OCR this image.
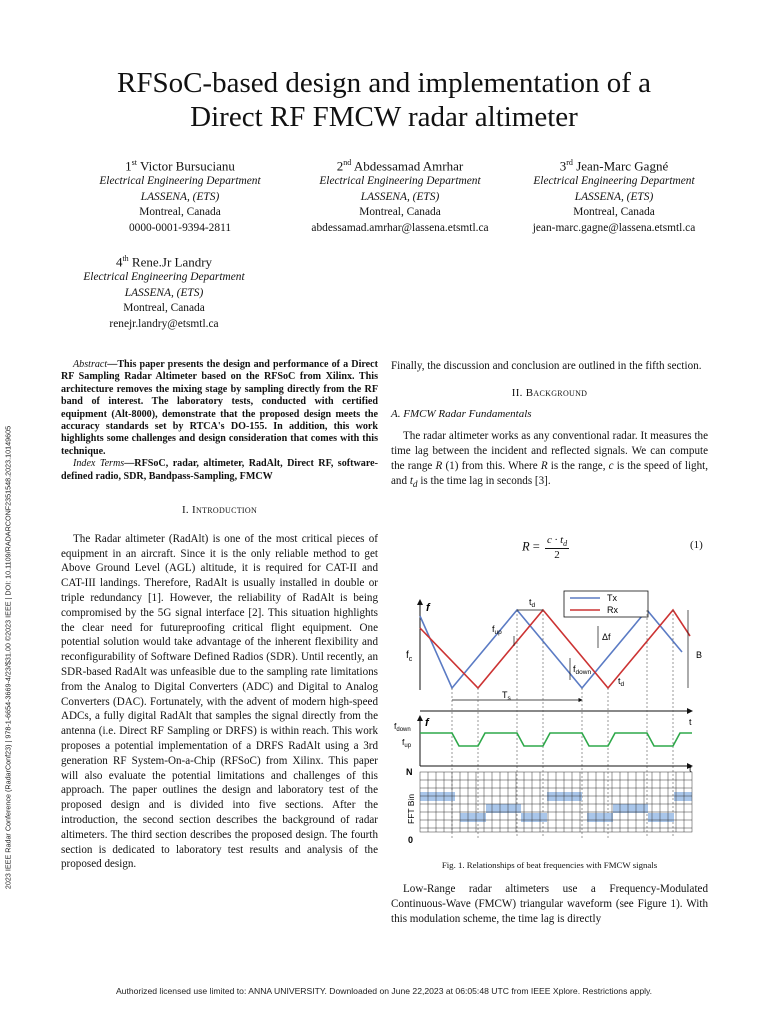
RFSoC-based design and implementation of a
Direct RF FMCW radar altimeter
1st Victor Bursucianu
Electrical Engineering Department
LASSENA, (ETS)
Montreal, Canada
0000-0001-9394-2811
2nd Abdessamad Amrhar
Electrical Engineering Department
LASSENA, (ETS)
Montreal, Canada
abdessamad.amrhar@lassena.etsmtl.ca
3rd Jean-Marc Gagné
Electrical Engineering Department
LASSENA, (ETS)
Montreal, Canada
jean-marc.gagne@lassena.etsmtl.ca
4th Rene.Jr Landry
Electrical Engineering Department
LASSENA, (ETS)
Montreal, Canada
renejr.landry@etsmtl.ca
2023 IEEE Radar Conference (RadarConf23) | 978-1-6654-3669-4/23/$31.00 ©2023 IEEE | DOI: 10.1109/RADARCONF2351548.2023.10149605

Abstract—This paper presents the design and performance of a Direct RF Sampling Radar Altimeter based on the RFSoC from Xilinx. This architecture removes the mixing stage by sampling directly from the RF band of interest. The laboratory tests, conducted with certified equipment (Alt-8000), demonstrate that the proposed design meets the accuracy standards set by RTCA's DO-155. In addition, this work highlights some challenges and design consideration that comes with this technique.

Index Terms—RFSoC, radar, altimeter, RadAlt, Direct RF, software-defined radio, SDR, Bandpass-Sampling, FMCW

I. Introduction

The Radar altimeter (RadAlt) is one of the most critical pieces of equipment in an aircraft. Since it is the only reliable method to get Above Ground Level (AGL) altitude, it is required for CAT-II and CAT-III landings. Therefore, RadAlt is usually installed in double or triple redundancy [1]. However, the reliability of RadAlt is being compromised by the 5G signal interface [2]. This situation highlights the clear need for futureproofing critical flight equipment. One potential solution would take advantage of the inherent flexibility and reconfigurability of Software Defined Radios (SDR). Until recently, an SDR-based RadAlt was unfeasible due to the sampling rate limitations from the Analog to Digital Converters (ADC) and Digital to Analog Converters (DAC). Fortunately, with the advent of modern high-speed ADCs, a fully digital RadAlt that samples the signal directly from the antenna (i.e. Direct RF Sampling or DRFS) is within reach. This work proposes a potential implementation of a DRFS RadAlt using a 3rd generation RF System-On-a-Chip (RFSoC) from Xilinx. This paper will also evaluate the potential limitations and challenges of this approach. The paper outlines the design and laboratory test of the proposed design and is divided into five sections. After the introduction, the second section describes the background of radar altimeters. The third section describes the proposed design. The fourth section is dedicated to laboratory test results and analysis of the proposed design.

Finally, the discussion and conclusion are outlined in the fifth section.

II. Background
A. FMCW Radar Fundamentals

The radar altimeter works as any conventional radar. It measures the time lag between the incident and reflected signals. We can compute the range R (1) from this. Where R is the range, c is the speed of light, and $t_d$ is the time lag in seconds [3].

$R = \frac{c \cdot t_d}{2}$	(1)
f
$f_c$
Tx
Rx
$t_d$
$f_{up}$	Δf
$f_{down}$
$t_d$
B
$T_s$
t
f
$f_{down}$
$f_{up}$
t
N
0
FFT Bin
Fig. 1. Relationships of beat frequencies with FMCW signals

Low-Range radar altimeters use a Frequency-Modulated Continuous-Wave (FMCW) triangular waveform (see Figure 1). With this modulation scheme, the time lag is directly

Authorized licensed use limited to: ANNA UNIVERSITY. Downloaded on June 22,2023 at 06:05:48 UTC from IEEE Xplore. Restrictions apply.
